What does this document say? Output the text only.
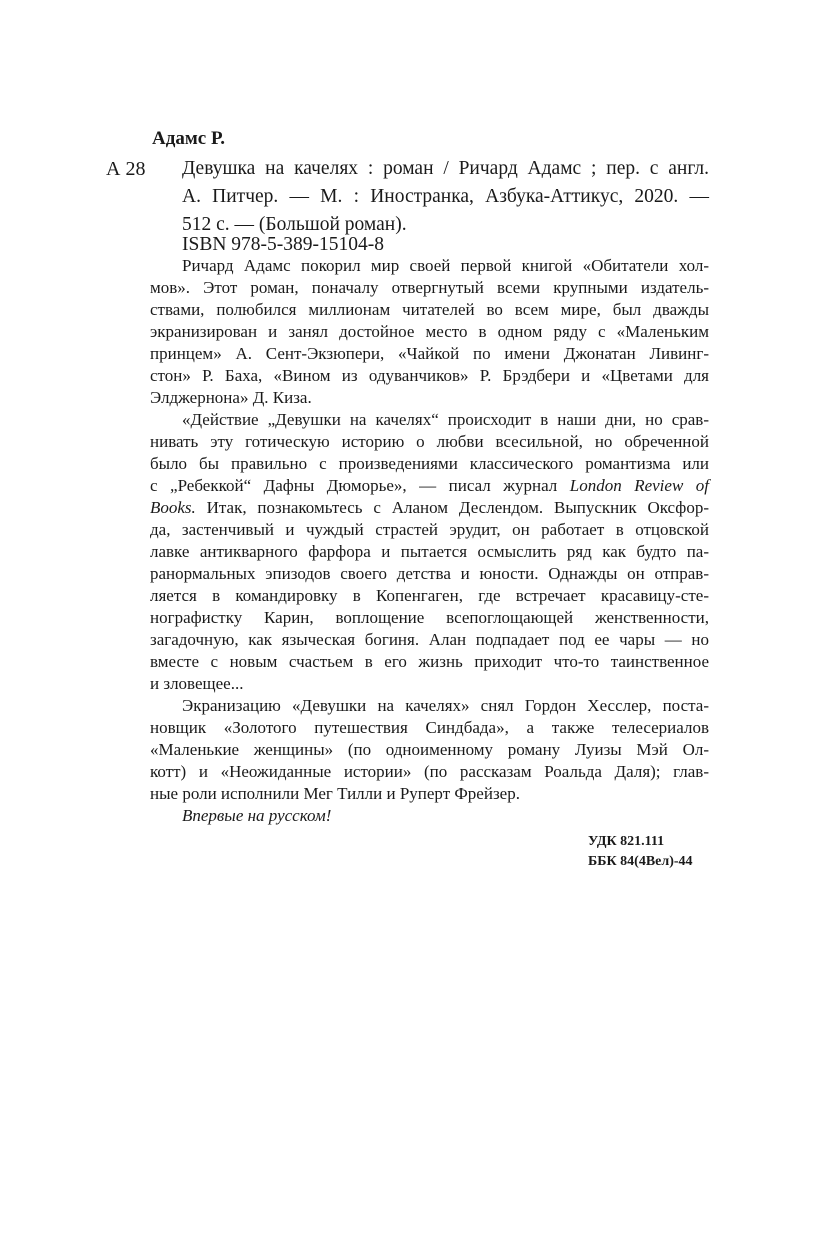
Адамс Р.
А 28 Девушка на качелях : роман / Ричард Адамс ; пер. с англ.
А. Питчер. — М. : Иностранка, Азбука-Аттикус, 2020. —
512 с. — (Большой роман).
ISBN 978-5-389-15104-8
Ричард Адамс покорил мир своей первой книгой «Обитатели хол-
мов». Этот роман, поначалу отвергнутый всеми крупными издатель-
ствами, полюбился миллионам читателей во всем мире, был дважды
экранизирован и занял достойное место в одном ряду с «Маленьким
принцем» А. Сент-Экзюпери, «Чайкой по имени Джонатан Ливинг-
стон» Р. Баха, «Вином из одуванчиков» Р. Брэдбери и «Цветами для
Элджернона» Д. Киза.
«Действие „Девушки на качелях“ происходит в наши дни, но срав-
нивать эту готическую историю о любви всесильной, но обреченной
было бы правильно с произведениями классического романтизма или
с „Ребеккой“ Дафны Дюморье», — писал журнал London Review of
Books. Итак, познакомьтесь с Аланом Деслендом. Выпускник Оксфор-
да, застенчивый и чуждый страстей эрудит, он работает в отцовской
лавке антикварного фарфора и пытается осмыслить ряд как будто па-
ранормальных эпизодов своего детства и юности. Однажды он отправ-
ляется в командировку в Копенгаген, где встречает красавицу-сте-
нографистку Карин, воплощение всепоглощающей женственности,
загадочную, как языческая богиня. Алан подпадает под ее чары — но
вместе с новым счастьем в его жизнь приходит что-то таинственное
и зловещее...
Экранизацию «Девушки на качелях» снял Гордон Хесслер, поста-
новщик «Золотого путешествия Синдбада», а также телесериалов
«Маленькие женщины» (по одноименному роману Луизы Мэй Ол-
котт) и «Неожиданные истории» (по рассказам Роальда Даля); глав-
ные роли исполнили Мег Тилли и Руперт Фрейзер.
Впервые на русском!
УДК 821.111
ББК 84(4Вел)-44
